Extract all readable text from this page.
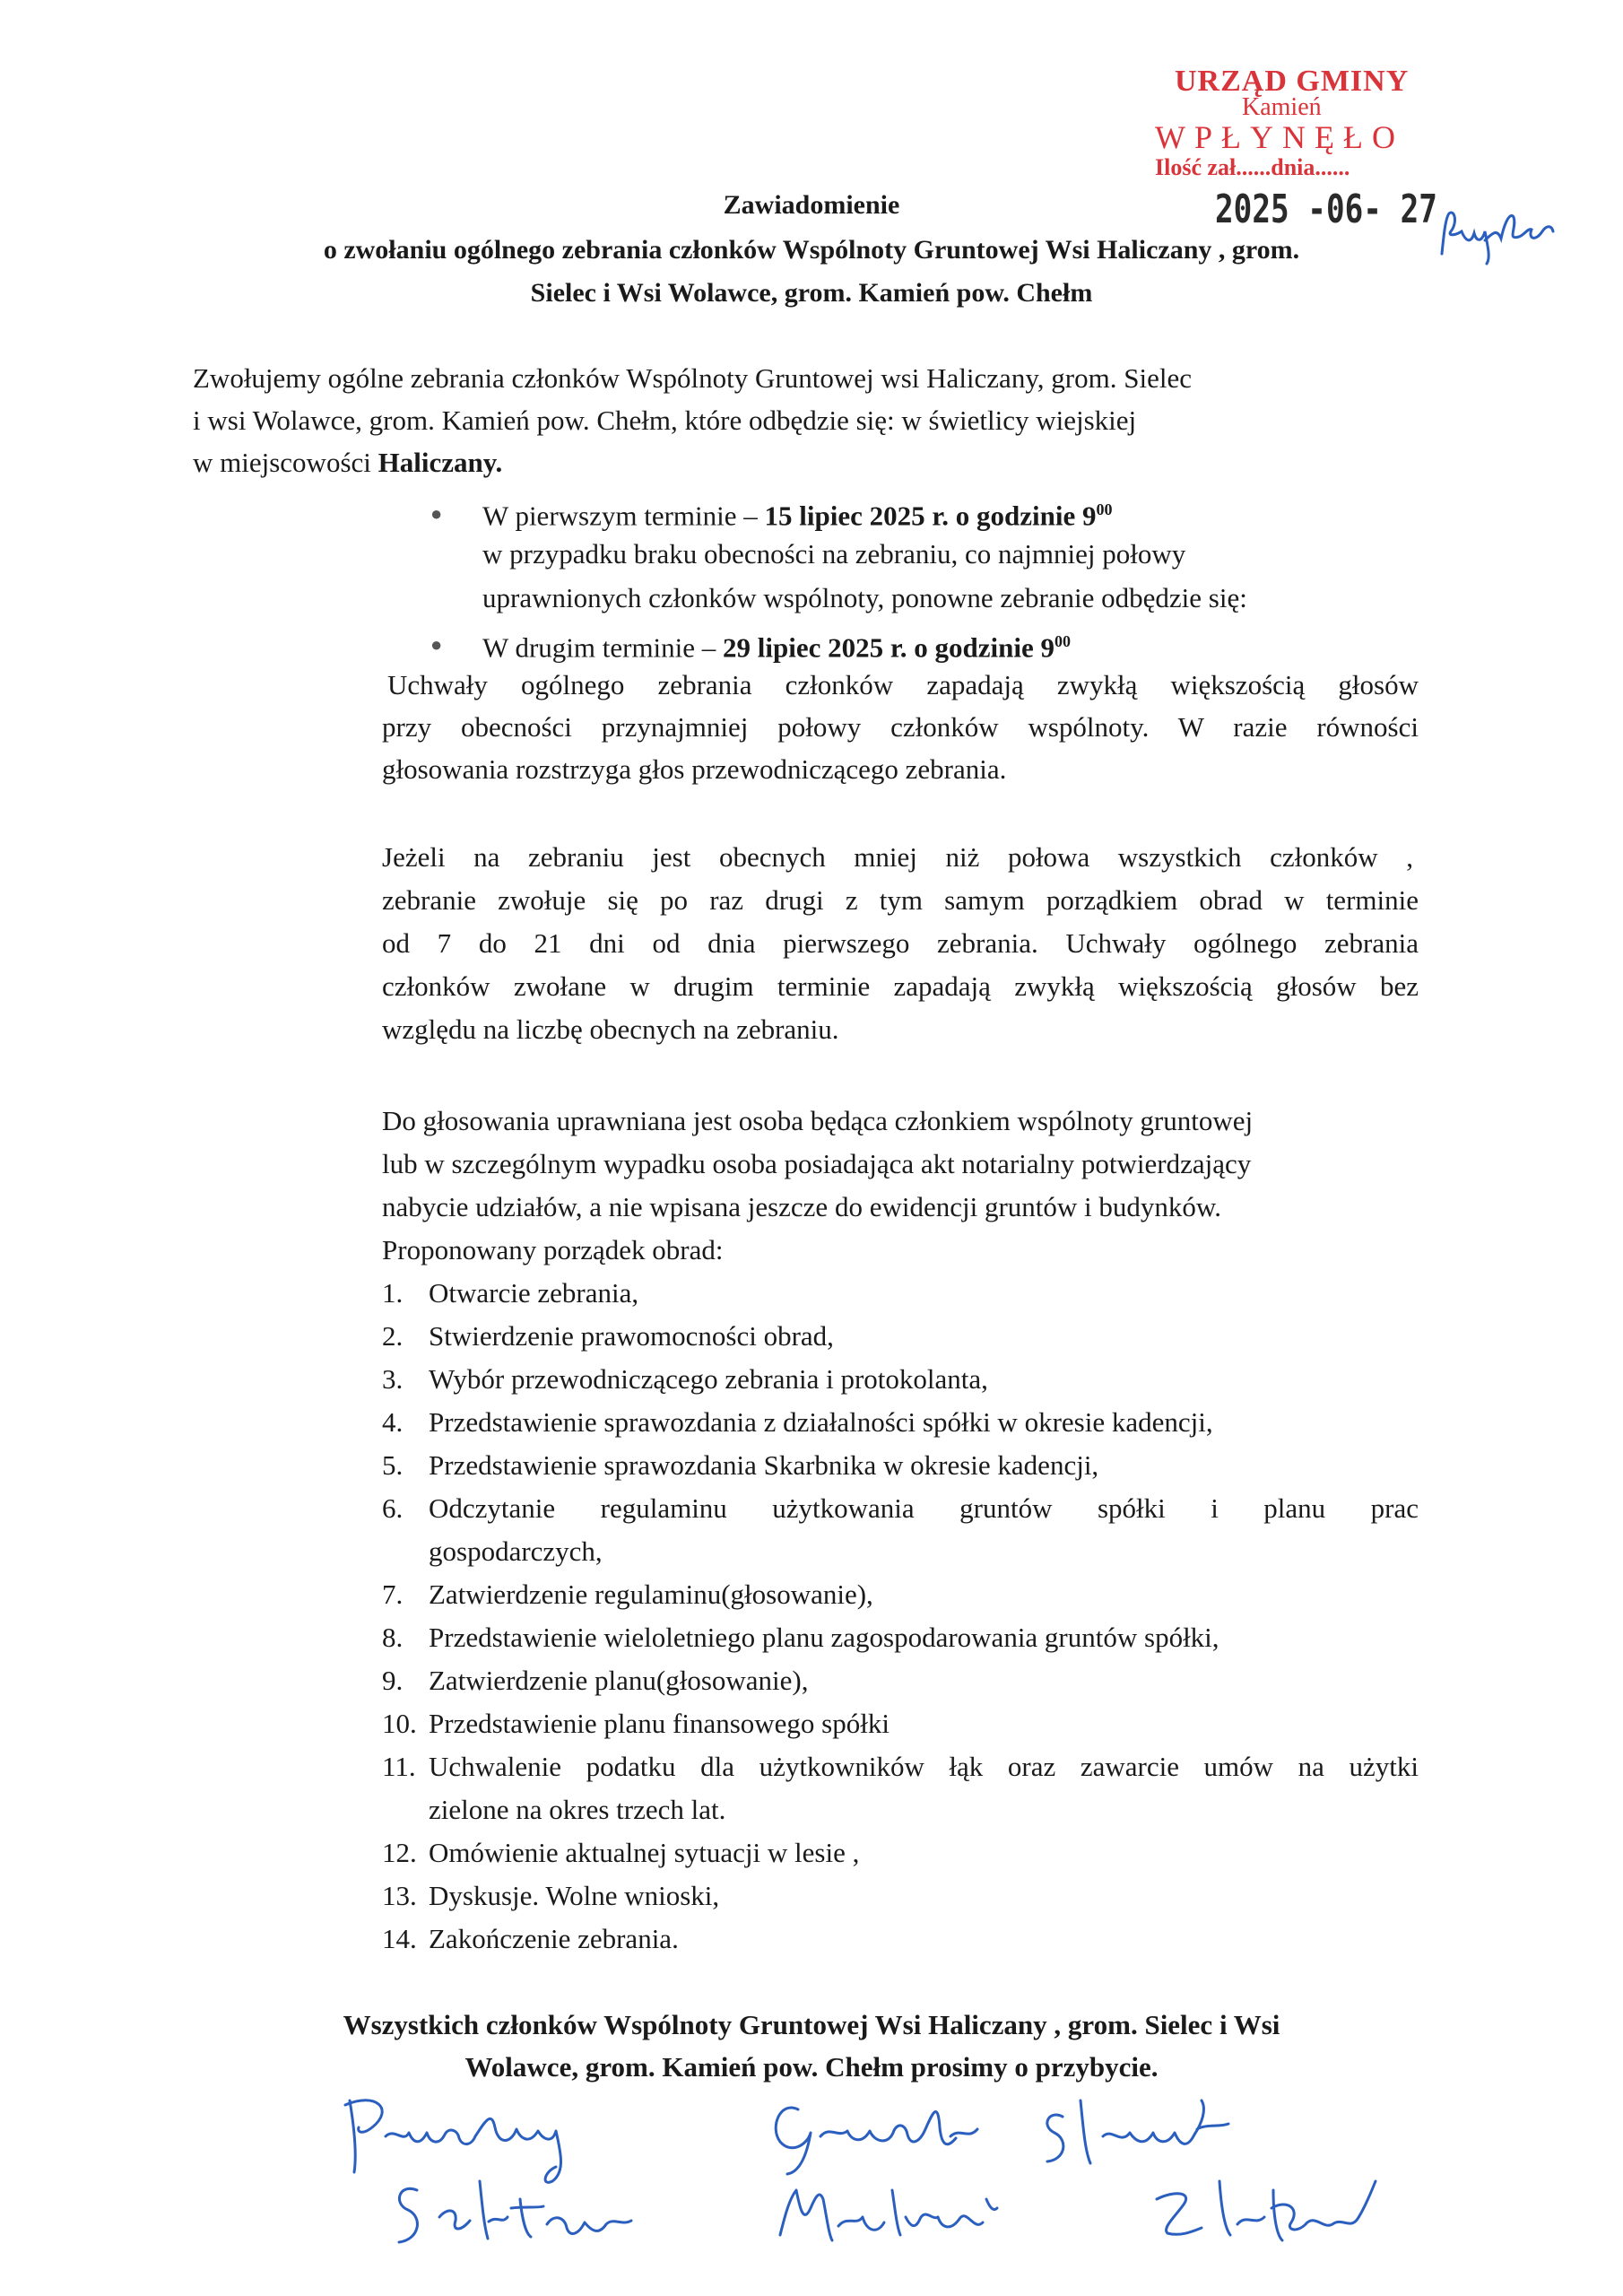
URZĄD GMINY
Kamień
WPŁYNĘŁO
Ilość zał......dnia......
2025 -06- 27
Zawiadomienie
o zwołaniu ogólnego zebrania członków Wspólnoty Gruntowej Wsi Haliczany , grom.
Sielec i Wsi Wolawce, grom. Kamień pow. Chełm
Zwołujemy ogólne zebrania członków Wspólnoty Gruntowej wsi Haliczany, grom. Sielec
i wsi Wolawce, grom. Kamień pow. Chełm, które odbędzie się: w świetlicy wiejskiej
w miejscowości Haliczany.
● W pierwszym terminie – 15 lipiec 2025 r. o godzinie $9^{00}$
w przypadku braku obecności na zebraniu, co najmniej połowy
uprawnionych członków wspólnoty, ponowne zebranie odbędzie się:
● W drugim terminie – 29 lipiec 2025 r. o godzinie $9^{00}$
Uchwały ogólnego zebrania członków zapadają zwykłą większością głosów
przy obecności przynajmniej połowy członków wspólnoty. W razie równości
głosowania rozstrzyga głos przewodniczącego zebrania.
Jeżeli na zebraniu jest obecnych mniej niż połowa wszystkich członków ,
zebranie zwołuje się po raz drugi z tym samym porządkiem obrad w terminie
od 7 do 21 dni od dnia pierwszego zebrania. Uchwały ogólnego zebrania
członków zwołane w drugim terminie zapadają zwykłą większością głosów bez
względu na liczbę obecnych na zebraniu.
Do głosowania uprawniana jest osoba będąca członkiem wspólnoty gruntowej
lub w szczególnym wypadku osoba posiadająca akt notarialny potwierdzający
nabycie udziałów, a nie wpisana jeszcze do ewidencji gruntów i budynków.
Proponowany porządek obrad:
1. Otwarcie zebrania,
2. Stwierdzenie prawomocności obrad,
3. Wybór przewodniczącego zebrania i protokolanta,
4. Przedstawienie sprawozdania z działalności spółki w okresie kadencji,
5. Przedstawienie sprawozdania Skarbnika w okresie kadencji,
6. Odczytanie regulaminu użytkowania gruntów spółki i planu prac
gospodarczych,
7. Zatwierdzenie regulaminu(głosowanie),
8. Przedstawienie wieloletniego planu zagospodarowania gruntów spółki,
9. Zatwierdzenie planu(głosowanie),
10. Przedstawienie planu finansowego spółki
11. Uchwalenie podatku dla użytkowników łąk oraz zawarcie umów na użytki
zielone na okres trzech lat.
12. Omówienie aktualnej sytuacji w lesie ,
13. Dyskusje. Wolne wnioski,
14. Zakończenie zebrania.
Wszystkich członków Wspólnoty Gruntowej Wsi Haliczany , grom. Sielec i Wsi
Wolawce, grom. Kamień pow. Chełm prosimy o przybycie.
